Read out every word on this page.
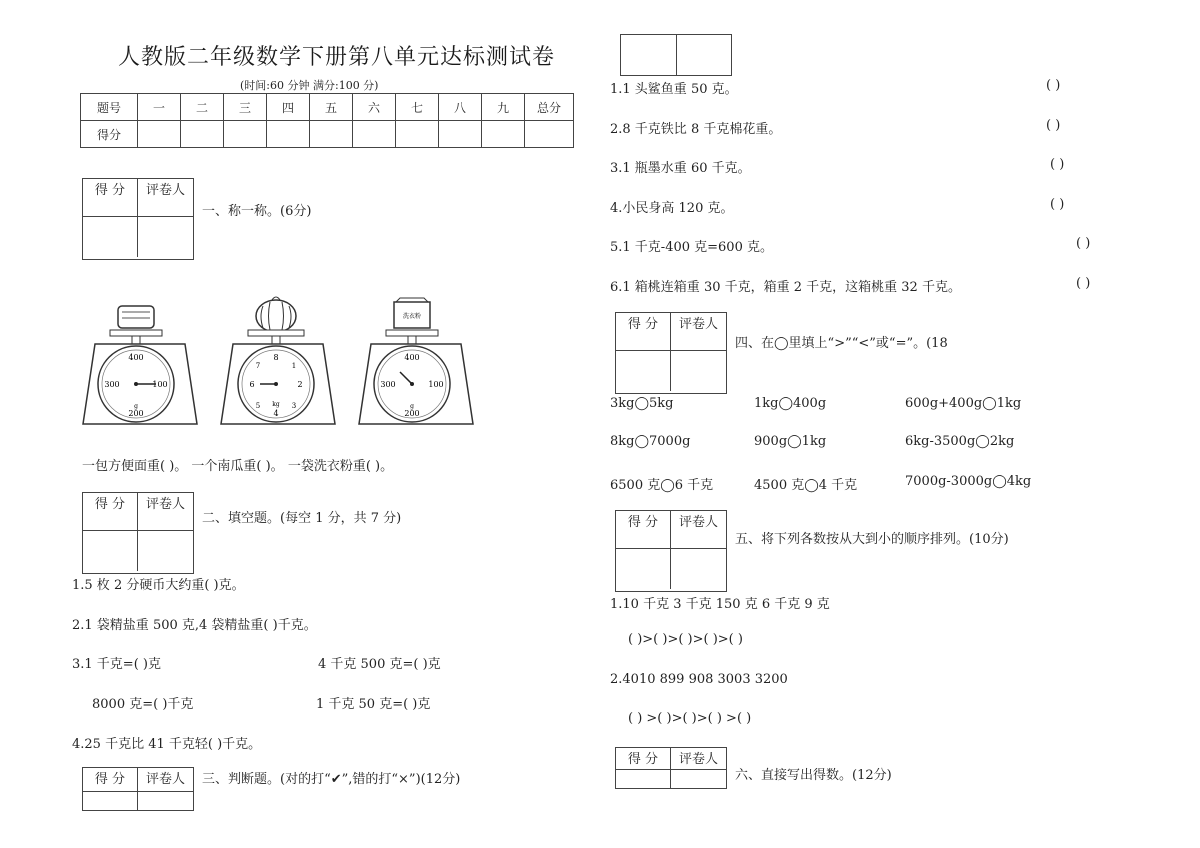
人教版二年级数学下册第八单元达标测试卷
(时间:60 分钟 满分:100 分)
题号	一	二	三	四	五	六	七	八	九	总分
得分										
得 分	评卷人
一、称一称。(6分)
400
300	100
200
g
8
6	2
4
7	1
5	3
kg
洗衣粉
400
300	100
200
g
一包方便面重( )。 一个南瓜重( )。 一袋洗衣粉重( )。
得 分	评卷人
二、填空题。(每空 1 分，共 7 分)
1.5 枚 2 分硬币大约重( )克。
2.1 袋精盐重 500 克,4 袋精盐重( )千克。
3.1 千克=( )克	4 千克 500 克=( )克
8000 克=( )千克	1 千克 50 克=( )克
4.25 千克比 41 千克轻( )千克。
得 分	评卷人	三、判断题。(对的打“✔”,错的打“×”)(12分)
1.1 头鲨鱼重 50 克。	( )
2.8 千克铁比 8 千克棉花重。	( )
3.1 瓶墨水重 60 千克。	( )
4.小民身高 120 克。	( )
5.1 千克-400 克=600 克。	( )
6.1 箱桃连箱重 30 千克，箱重 2 千克，这箱桃重 32 千克。	( )
得 分	评卷人
四、在◯里填上“>”“<”或“=”。(18
3kg◯5kg	1kg◯400g	600g+400g◯1kg
8kg◯7000g	900g◯1kg	6kg-3500g◯2kg
6500 克◯6 千克	4500 克◯4 千克	7000g-3000g◯4kg
得 分	评卷人
五、将下列各数按从大到小的顺序排列。(10分)
1.10 千克 3 千克 150 克 6 千克 9 克
( )>( )>( )>( )>( )
2.4010 899 908 3003 3200
( ) >( )>( )>( ) >( )
得 分	评卷人
六、直接写出得数。(12分)
